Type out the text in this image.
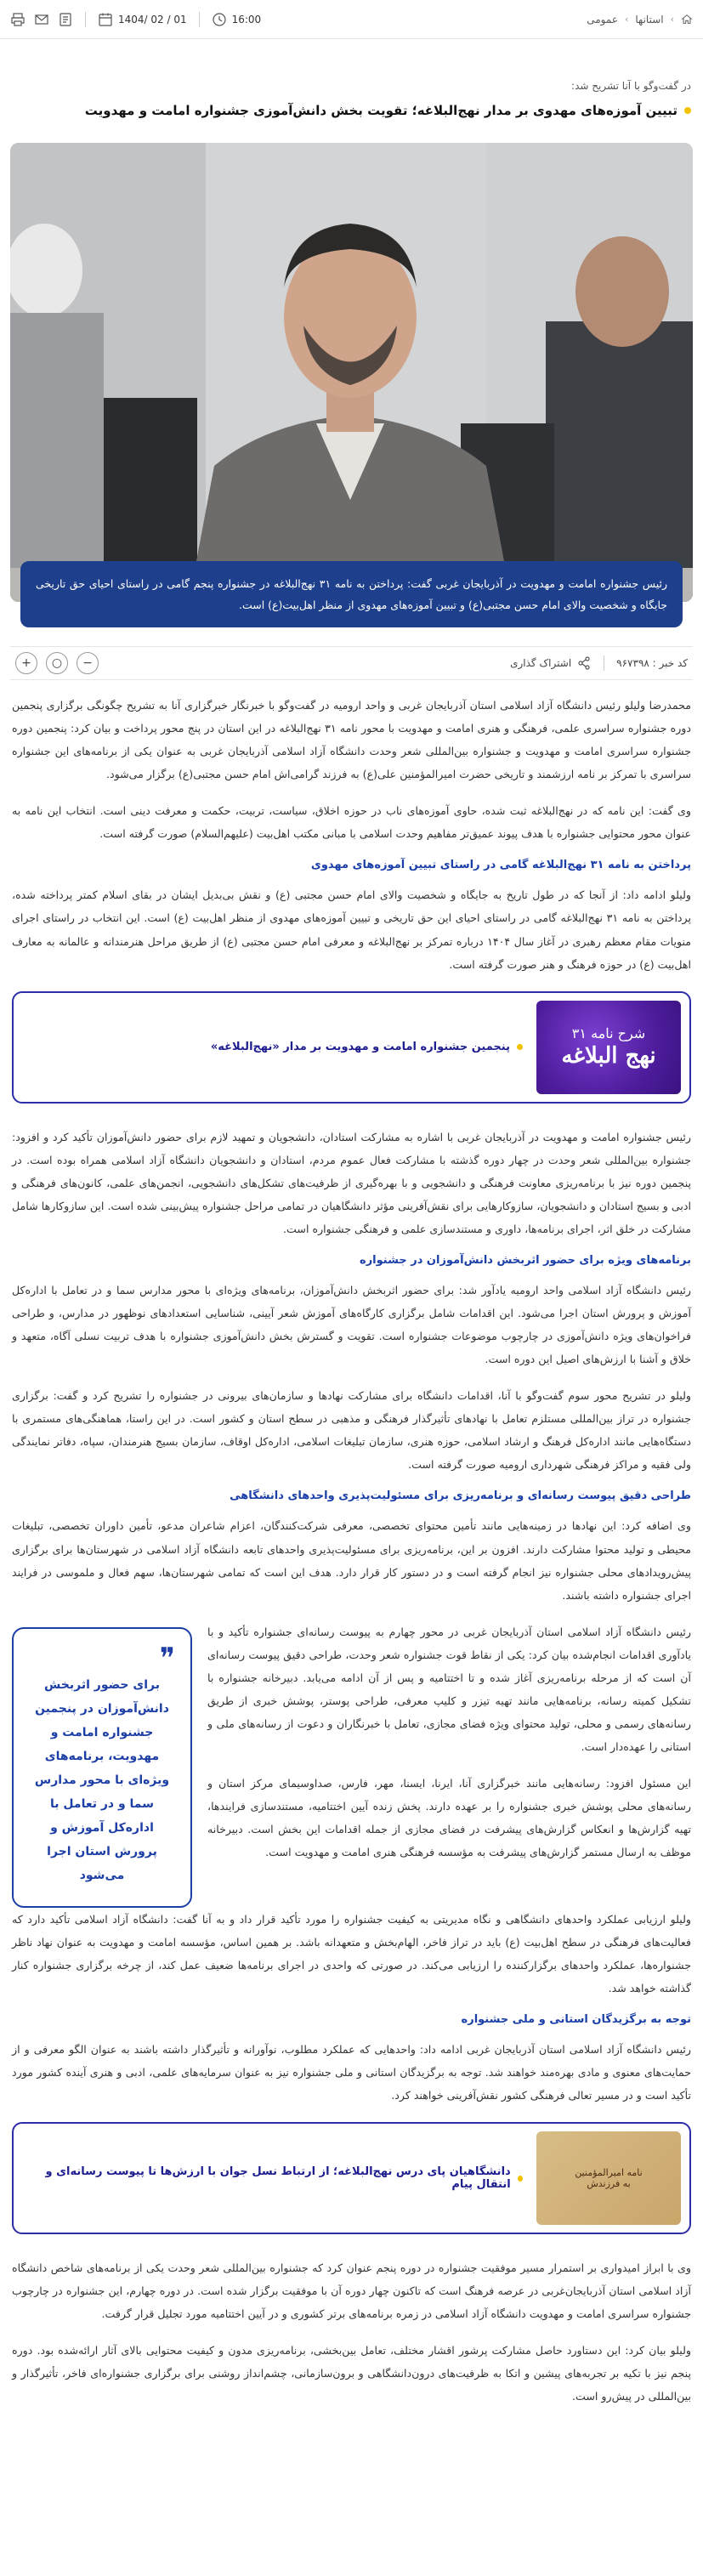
›
استانها
›
عمومی
1404/ 02 / 01	16:00
در گفت‌وگو با آنا تشریح شد:
تبیین آموزه‌های مهدوی بر مدار نهج‌البلاغه؛ تقویت بخش دانش‌آموزی جشنواره امامت و مهدویت
رئیس جشنواره امامت و مهدویت در آذربایجان غربی گفت: پرداختن به نامه ۳۱ نهج‌البلاغه در جشنواره پنجم گامی در راستای احیای حق تاریخی جایگاه و شخصیت والای امام حسن مجتبی(ع) و تبیین آموزه‌های مهدوی از منظر اهل‌بیت(ع) است.
کد خبر : ۹۶۷۳۹۸
اشتراک گذاری
−
○
+

محمدرضا ولیلو رئیس دانشگاه آزاد اسلامی استان آذربایجان غربی و واحد ارومیه در گفت‌وگو با خبرنگار خبرگزاری آنا به تشریح چگونگی برگزاری پنجمین دوره جشنواره سراسری علمی، فرهنگی و هنری امامت و مهدویت با محور نامه ۳۱ نهج‌البلاغه در این استان در پنج محور پرداخت و بیان کرد: پنجمین دوره جشنواره سراسری امامت و مهدویت و جشنواره بین‌المللی شعر وحدت دانشگاه آزاد اسلامی آذربایجان غربی به عنوان یکی از برنامه‌های این جشنواره سراسری با تمرکز بر نامه ارزشمند و تاریخی حضرت امیرالمؤمنین علی(ع) به فرزند گرامی‌اش امام حسن مجتبی(ع) برگزار می‌شود.

وی گفت: این نامه که در نهج‌البلاغه ثبت شده، حاوی آموزه‌های ناب در حوزه اخلاق، سیاست، تربیت، حکمت و معرفت دینی است. انتخاب این نامه به عنوان محور محتوایی جشنواره با هدف پیوند عمیق‌تر مفاهیم وحدت اسلامی با مبانی مکتب اهل‌بیت (علیهم‌السلام) صورت گرفته است.

پرداختن به نامه ۳۱ نهج‌البلاغه گامی در راستای تبیین آموزه‌های مهدوی

ولیلو ادامه داد: از آنجا که در طول تاریخ به جایگاه و شخصیت والای امام حسن مجتبی (ع) و نقش بی‌بدیل ایشان در بقای اسلام کمتر پرداخته شده، پرداختن به نامه ۳۱ نهج‌البلاغه گامی در راستای احیای این حق تاریخی و تبیین آموزه‌های مهدوی از منظر اهل‌بیت (ع) است. این انتخاب در راستای اجرای منویات مقام معظم رهبری در آغاز سال ۱۴۰۴ درباره تمرکز بر نهج‌البلاغه و معرفی امام حسن مجتبی (ع) از طریق مراحل هنرمندانه و عالمانه به معارف اهل‌بیت (ع) در حوزه فرهنگ و هنر صورت گرفته است.

شرح نامه ۳۱
نهج البلاغه
پنجمین جشنواره امامت و مهدویت بر مدار «نهج‌البلاغه»

رئیس جشنواره امامت و مهدویت در آذربایجان غربی با اشاره به مشارکت استادان، دانشجویان و تمهید لازم برای حضور دانش‌آموزان تأکید کرد و افزود: جشنواره بین‌المللی شعر وحدت در چهار دوره گذشته با مشارکت فعال عموم مردم، استادان و دانشجویان دانشگاه آزاد اسلامی همراه بوده است. در پنجمین دوره نیز با برنامه‌ریزی معاونت فرهنگی و دانشجویی و با بهره‌گیری از ظرفیت‌های تشکل‌های دانشجویی، انجمن‌های علمی، کانون‌های فرهنگی و ادبی و بسیج استادان و دانشجویان، سازوکارهایی برای نقش‌آفرینی مؤثر دانشگاهیان در تمامی مراحل جشنواره پیش‌بینی شده است. این سازوکارها شامل مشارکت در خلق اثر، اجرای برنامه‌ها، داوری و مستندسازی علمی و فرهنگی جشنواره است.

برنامه‌های ویژه برای حضور اثربخش دانش‌آموزان در جشنواره

رئیس دانشگاه آزاد اسلامی واحد ارومیه یادآور شد: برای حضور اثربخش دانش‌آموزان، برنامه‌های ویژه‌ای با محور مدارس سما و در تعامل با اداره‌کل آموزش و پرورش استان اجرا می‌شود. این اقدامات شامل برگزاری کارگاه‌های آموزش شعر آیینی، شناسایی استعدادهای نوظهور در مدارس، و طراحی فراخوان‌های ویژه دانش‌آموزی در چارچوب موضوعات جشنواره است. تقویت و گسترش بخش دانش‌آموزی جشنواره با هدف تربیت نسلی آگاه، متعهد و خلاق و آشنا با ارزش‌های اصیل این دوره است.

ولیلو در تشریح محور سوم گفت‌وگو با آنا، اقدامات دانشگاه برای مشارکت نهادها و سازمان‌های بیرونی در جشنواره را تشریح کرد و گفت: برگزاری جشنواره در تراز بین‌المللی مستلزم تعامل با نهادهای تأثیرگذار فرهنگی و مذهبی در سطح استان و کشور است. در این راستا، هماهنگی‌های مستمری با دستگاه‌هایی مانند اداره‌کل فرهنگ و ارشاد اسلامی، حوزه هنری، سازمان تبلیغات اسلامی، اداره‌کل اوقاف، سازمان بسیج هنرمندان، سپاه، دفاتر نمایندگی ولی فقیه و مراکز فرهنگی شهرداری ارومیه صورت گرفته است.

طراحی دقیق پیوست رسانه‌ای و برنامه‌ریزی برای مسئولیت‌پذیری واحدهای دانشگاهی

وی اضافه کرد: این نهادها در زمینه‌هایی مانند تأمین محتوای تخصصی، معرفی شرکت‌کنندگان، اعزام شاعران مدعو، تأمین داوران تخصصی، تبلیغات محیطی و تولید محتوا مشارکت دارند. افزون بر این، برنامه‌ریزی برای مسئولیت‌پذیری واحدهای تابعه دانشگاه آزاد اسلامی در شهرستان‌ها برای برگزاری پیش‌رویدادهای محلی جشنواره نیز انجام گرفته است و در دستور کار قرار دارد. هدف این است که تمامی شهرستان‌ها، سهم فعال و ملموسی در فرایند اجرای جشنواره داشته باشند.

رئیس دانشگاه آزاد اسلامی استان آذربایجان غربی در محور چهارم به پیوست رسانه‌ای جشنواره تأکید و با یادآوری اقدامات انجام‌شده بیان کرد: یکی از نقاط قوت جشنواره شعر وحدت، طراحی دقیق پیوست رسانه‌ای آن است که از مرحله برنامه‌ریزی آغاز شده و تا اختتامیه و پس از آن ادامه می‌یابد. دبیرخانه جشنواره با تشکیل کمیته رسانه، برنامه‌هایی مانند تهیه تیزر و کلیپ معرفی، طراحی پوستر، پوشش خبری از طریق رسانه‌های رسمی و محلی، تولید محتوای ویژه فضای مجازی، تعامل با خبرنگاران و دعوت از رسانه‌های ملی و استانی را عهده‌دار است.

این مسئول افزود: رسانه‌هایی مانند خبرگزاری آنا، ایرنا، ایسنا، مهر، فارس، صداوسیمای مرکز استان و رسانه‌های محلی پوشش خبری جشنواره را بر عهده دارند. پخش زنده آیین اختتامیه، مستندسازی فرایندها، تهیه گزارش‌ها و انعکاس گزارش‌های پیشرفت در فضای مجازی از جمله اقدامات این بخش است. دبیرخانه موظف به ارسال مستمر گزارش‌های پیشرفت به مؤسسه فرهنگی هنری امامت و مهدویت است.

❞
برای حضور اثربخش دانش‌آموزان در پنجمین جشنواره امامت و مهدویت، برنامه‌های ویژه‌ای با محور مدارس سما و در تعامل با اداره‌کل آموزش و پرورش استان اجرا می‌شود

ولیلو ارزیابی عملکرد واحدهای دانشگاهی و نگاه مدیریتی به کیفیت جشنواره را مورد تأکید قرار داد و به آنا گفت: دانشگاه آزاد اسلامی تأکید دارد که فعالیت‌های فرهنگی در سطح اهل‌بیت (ع) باید در تراز فاخر، الهام‌بخش و متعهدانه باشد. بر همین اساس، مؤسسه امامت و مهدویت به عنوان نهاد ناظر جشنواره‌ها، عملکرد واحدهای برگزارکننده را ارزیابی می‌کند. در صورتی که واحدی در اجرای برنامه‌ها ضعیف عمل کند، از چرخه برگزاری جشنواره کنار گذاشته خواهد شد.

توجه به برگزیدگان استانی و ملی جشنواره

رئیس دانشگاه آزاد اسلامی استان آذربایجان غربی ادامه داد: واحدهایی که عملکرد مطلوب، نوآورانه و تأثیرگذار داشته باشند به عنوان الگو معرفی و از حمایت‌های معنوی و مادی بهره‌مند خواهند شد. توجه به برگزیدگان استانی و ملی جشنواره نیز به عنوان سرمایه‌های علمی، ادبی و هنری آینده کشور مورد تأکید است و در مسیر تعالی فرهنگی کشور نقش‌آفرینی خواهند کرد.

نامه امیرالمؤمنین
به فرزندش
دانشگاهیان پای درس نهج‌البلاغه؛ از ارتباط نسل جوان با ارزش‌ها تا پیوست رسانه‌ای و انتقال پیام

وی با ابراز امیدواری بر استمرار مسیر موفقیت جشنواره در دوره پنجم عنوان کرد که جشنواره بین‌المللی شعر وحدت یکی از برنامه‌های شاخص دانشگاه آزاد اسلامی استان آذربایجان‌غربی در عرصه فرهنگ است که تاکنون چهار دوره آن با موفقیت برگزار شده است. در دوره چهارم، این جشنواره در چارچوب جشنواره سراسری امامت و مهدویت دانشگاه آزاد اسلامی در زمره برنامه‌های برتر کشوری و در آیین اختتامیه مورد تجلیل قرار گرفت.

ولیلو بیان کرد: این دستاورد حاصل مشارکت پرشور اقشار مختلف، تعامل بین‌بخشی، برنامه‌ریزی مدون و کیفیت محتوایی بالای آثار ارائه‌شده بود. دوره پنجم نیز با تکیه بر تجربه‌های پیشین و اتکا به ظرفیت‌های درون‌دانشگاهی و برون‌سازمانی، چشم‌انداز روشنی برای برگزاری جشنواره‌ای فاخر، تأثیرگذار و بین‌المللی در پیش‌رو است.
